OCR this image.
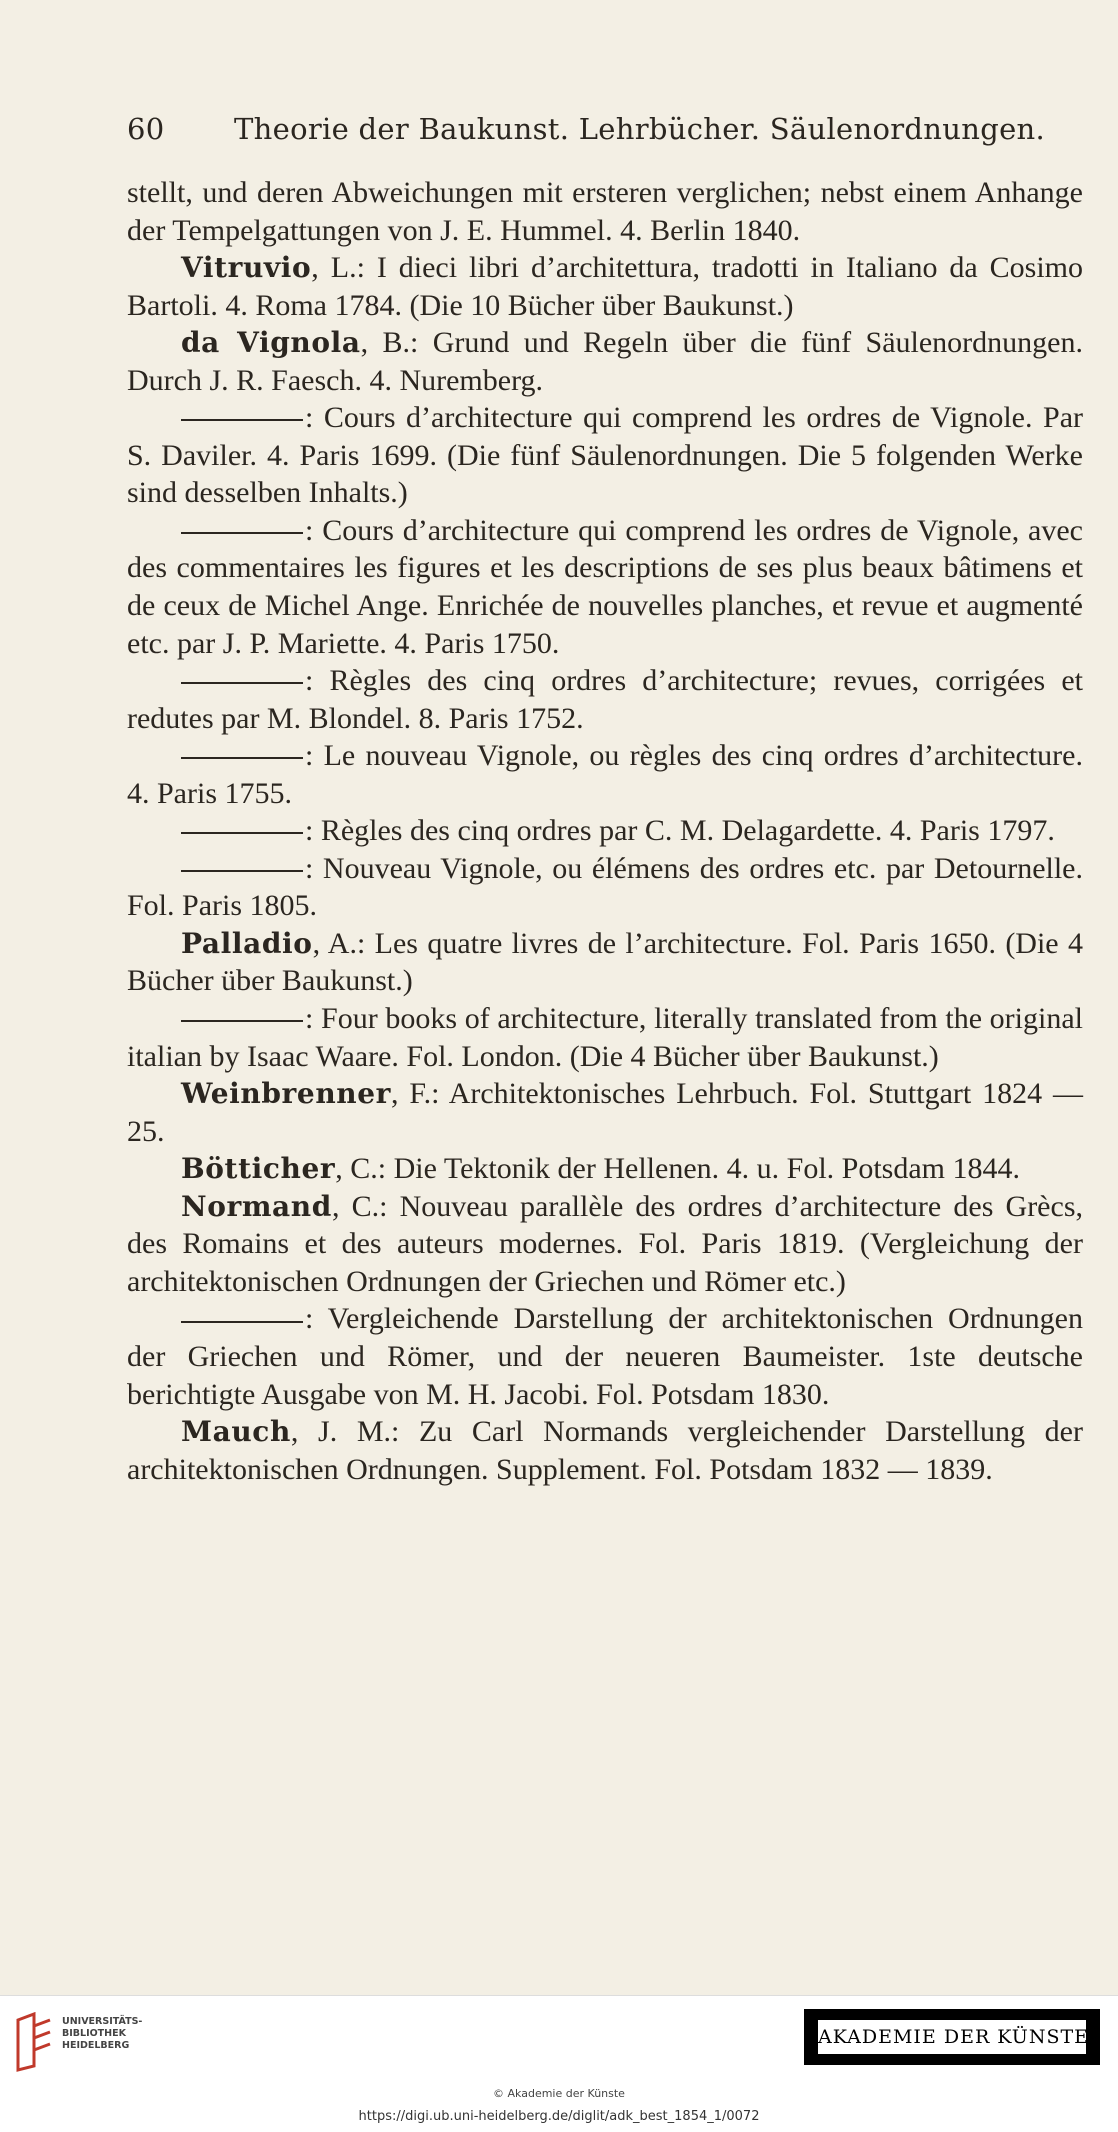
60 Theorie der Baukunst. Lehrbücher. Säulenordnungen.

stellt, und deren Abweichungen mit ersteren verglichen; nebst einem Anhange der Tempelgattungen von J. E. Hummel. 4. Berlin 1840.

Vitruvio, L.: I dieci libri d’architettura, tradotti in Italiano da Cosimo Bartoli. 4. Roma 1784. (Die 10 Bücher über Baukunst.)

da Vignola, B.: Grund und Regeln über die fünf Säulenordnungen. Durch J. R. Faesch. 4. Nuremberg.

: Cours d’architecture qui comprend les ordres de Vignole. Par S. Daviler. 4. Paris 1699. (Die fünf Säulenordnungen. Die 5 folgenden Werke sind desselben Inhalts.)

: Cours d’architecture qui comprend les ordres de Vignole, avec des commentaires les figures et les descriptions de ses plus beaux bâtimens et de ceux de Michel Ange. Enrichée de nouvelles planches, et revue et augmenté etc. par J. P. Mariette. 4. Paris 1750.

: Règles des cinq ordres d’architecture; revues, corrigées et redutes par M. Blondel. 8. Paris 1752.

: Le nouveau Vignole, ou règles des cinq ordres d’architecture. 4. Paris 1755.

: Règles des cinq ordres par C. M. Delagardette. 4. Paris 1797.

: Nouveau Vignole, ou élémens des ordres etc. par Detournelle. Fol. Paris 1805.

Palladio, A.: Les quatre livres de l’architecture. Fol. Paris 1650. (Die 4 Bücher über Baukunst.)

: Four books of architecture, literally translated from the original italian by Isaac Waare. Fol. London. (Die 4 Bücher über Baukunst.)

Weinbrenner, F.: Architektonisches Lehrbuch. Fol. Stuttgart 1824 — 25.

Bötticher, C.: Die Tektonik der Hellenen. 4. u. Fol. Potsdam 1844.

Normand, C.: Nouveau parallèle des ordres d’architecture des Grècs, des Romains et des auteurs modernes. Fol. Paris 1819. (Vergleichung der architektonischen Ordnungen der Griechen und Römer etc.)

: Vergleichende Darstellung der architektonischen Ordnungen der Griechen und Römer, und der neueren Baumeister. 1ste deutsche berichtigte Ausgabe von M. H. Jacobi. Fol. Potsdam 1830.

Mauch, J. M.: Zu Carl Normands vergleichender Darstellung der architektonischen Ordnungen. Supplement. Fol. Potsdam 1832 — 1839.

UNIVERSITÄTS-
BIBLIOTHEK
HEIDELBERG	AKADEMIE DER KÜNSTE
© Akademie der Künste
https://digi.ub.uni-heidelberg.de/diglit/adk_best_1854_1/0072
